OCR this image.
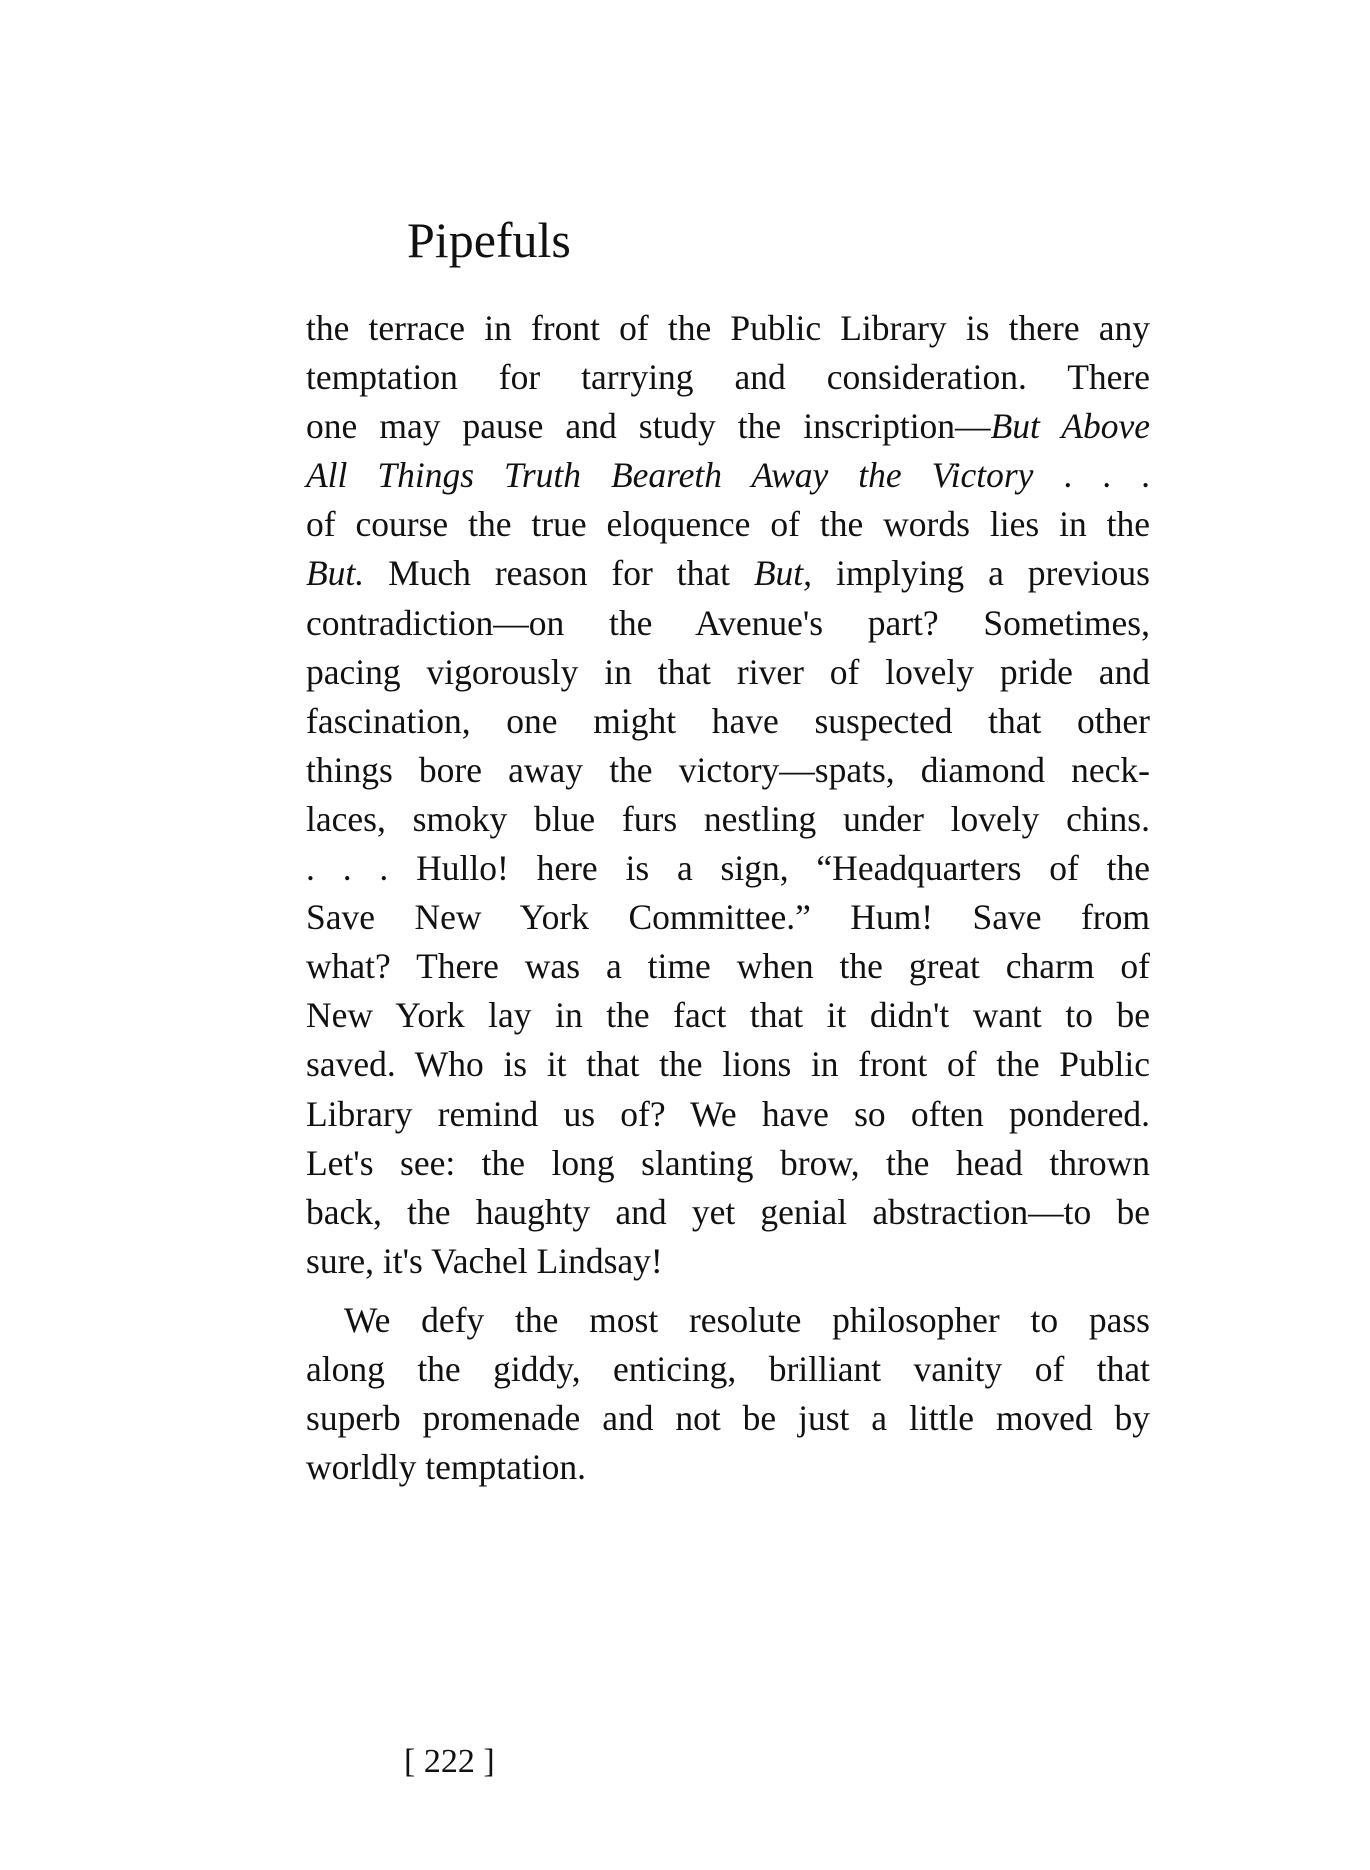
Pipefuls
the terrace in front of the Public Library is there any
temptation for tarrying and consideration. There
one may pause and study the inscription—But Above
All Things Truth Beareth Away the Victory . . .
of course the true eloquence of the words lies in the
But. Much reason for that But, implying a previous
contradiction—on the Avenue's part? Sometimes,
pacing vigorously in that river of lovely pride and
fascination, one might have suspected that other
things bore away the victory—spats, diamond neck-
laces, smoky blue furs nestling under lovely chins.
. . . Hullo! here is a sign, “Headquarters of the
Save New York Committee.” Hum! Save from
what? There was a time when the great charm of
New York lay in the fact that it didn't want to be
saved. Who is it that the lions in front of the Public
Library remind us of? We have so often pondered.
Let's see: the long slanting brow, the head thrown
back, the haughty and yet genial abstraction—to be
sure, it's Vachel Lindsay!
We defy the most resolute philosopher to pass
along the giddy, enticing, brilliant vanity of that
superb promenade and not be just a little moved by
worldly temptation.
[ 222 ]
